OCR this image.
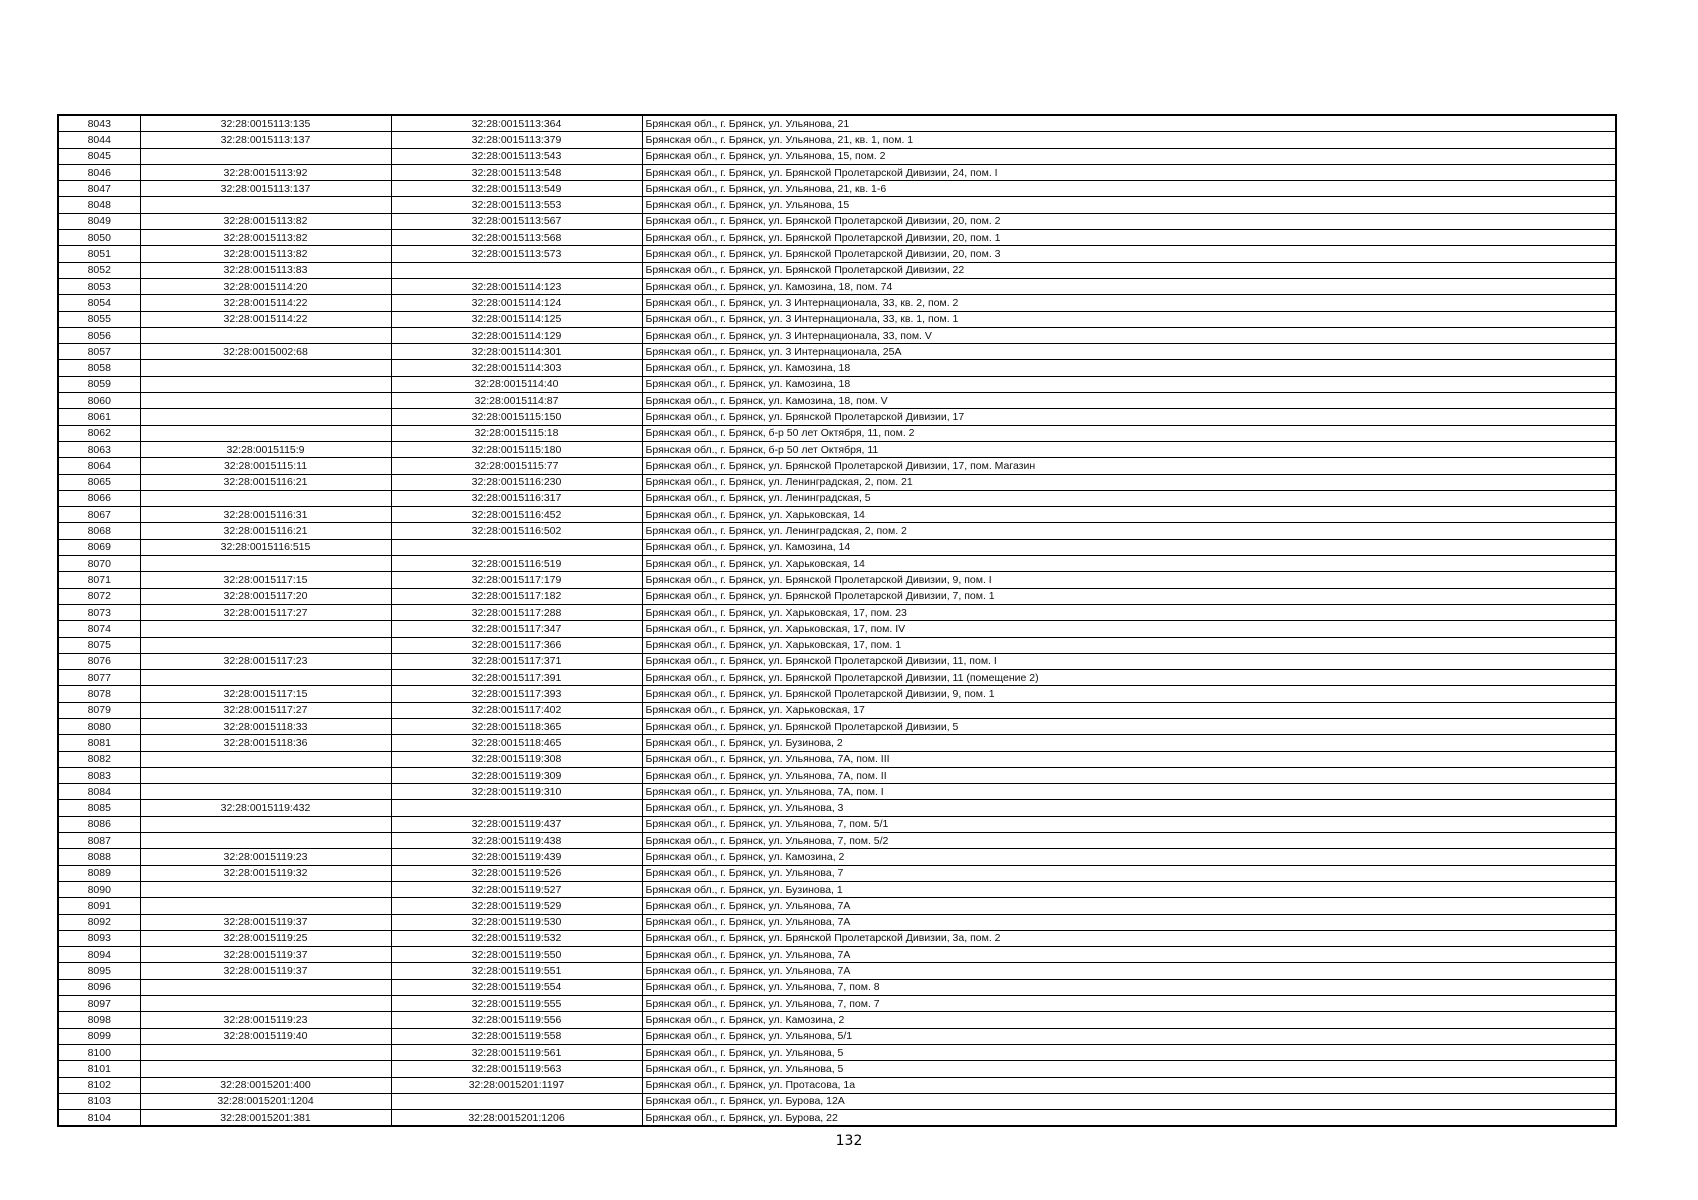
8043	32:28:0015113:135	32:28:0015113:364	Брянская обл., г. Брянск, ул. Ульянова, 21
8044	32:28:0015113:137	32:28:0015113:379	Брянская обл., г. Брянск, ул. Ульянова, 21, кв. 1, пом. 1
8045		32:28:0015113:543	Брянская обл., г. Брянск, ул. Ульянова, 15, пом. 2
8046	32:28:0015113:92	32:28:0015113:548	Брянская обл., г. Брянск, ул. Брянской Пролетарской Дивизии, 24, пом. I
8047	32:28:0015113:137	32:28:0015113:549	Брянская обл., г. Брянск, ул. Ульянова, 21, кв. 1-6
8048		32:28:0015113:553	Брянская обл., г. Брянск, ул. Ульянова, 15
8049	32:28:0015113:82	32:28:0015113:567	Брянская обл., г. Брянск, ул. Брянской Пролетарской Дивизии, 20, пом. 2
8050	32:28:0015113:82	32:28:0015113:568	Брянская обл., г. Брянск, ул. Брянской Пролетарской Дивизии, 20, пом. 1
8051	32:28:0015113:82	32:28:0015113:573	Брянская обл., г. Брянск, ул. Брянской Пролетарской Дивизии, 20, пом. 3
8052	32:28:0015113:83		Брянская обл., г. Брянск, ул. Брянской Пролетарской Дивизии, 22
8053	32:28:0015114:20	32:28:0015114:123	Брянская обл., г. Брянск, ул. Камозина, 18, пом. 74
8054	32:28:0015114:22	32:28:0015114:124	Брянская обл., г. Брянск, ул. 3 Интернационала, 33, кв. 2, пом. 2
8055	32:28:0015114:22	32:28:0015114:125	Брянская обл., г. Брянск, ул. 3 Интернационала, 33, кв. 1, пом. 1
8056		32:28:0015114:129	Брянская обл., г. Брянск, ул. 3 Интернационала, 33, пом. V
8057	32:28:0015002:68	32:28:0015114:301	Брянская обл., г. Брянск, ул. 3 Интернационала, 25А
8058		32:28:0015114:303	Брянская обл., г. Брянск, ул. Камозина, 18
8059		32:28:0015114:40	Брянская обл., г. Брянск, ул. Камозина, 18
8060		32:28:0015114:87	Брянская обл., г. Брянск, ул. Камозина, 18, пом. V
8061		32:28:0015115:150	Брянская обл., г. Брянск, ул. Брянской Пролетарской Дивизии, 17
8062		32:28:0015115:18	Брянская обл., г. Брянск, б-р 50 лет Октября, 11, пом. 2
8063	32:28:0015115:9	32:28:0015115:180	Брянская обл., г. Брянск, б-р 50 лет Октября, 11
8064	32:28:0015115:11	32:28:0015115:77	Брянская обл., г. Брянск, ул. Брянской Пролетарской Дивизии, 17, пом. Магазин
8065	32:28:0015116:21	32:28:0015116:230	Брянская обл., г. Брянск, ул. Ленинградская, 2, пом. 21
8066		32:28:0015116:317	Брянская обл., г. Брянск, ул. Ленинградская, 5
8067	32:28:0015116:31	32:28:0015116:452	Брянская обл., г. Брянск, ул. Харьковская, 14
8068	32:28:0015116:21	32:28:0015116:502	Брянская обл., г. Брянск, ул. Ленинградская, 2, пом. 2
8069	32:28:0015116:515		Брянская обл., г. Брянск, ул. Камозина, 14
8070		32:28:0015116:519	Брянская обл., г. Брянск, ул. Харьковская, 14
8071	32:28:0015117:15	32:28:0015117:179	Брянская обл., г. Брянск, ул. Брянской Пролетарской Дивизии, 9, пом. I
8072	32:28:0015117:20	32:28:0015117:182	Брянская обл., г. Брянск, ул. Брянской Пролетарской Дивизии, 7, пом. 1
8073	32:28:0015117:27	32:28:0015117:288	Брянская обл., г. Брянск, ул. Харьковская, 17, пом. 23
8074		32:28:0015117:347	Брянская обл., г. Брянск, ул. Харьковская, 17, пом. IV
8075		32:28:0015117:366	Брянская обл., г. Брянск, ул. Харьковская, 17, пом. 1
8076	32:28:0015117:23	32:28:0015117:371	Брянская обл., г. Брянск, ул. Брянской Пролетарской Дивизии, 11, пом. I
8077		32:28:0015117:391	Брянская обл., г. Брянск, ул. Брянской Пролетарской Дивизии, 11 (помещение 2)
8078	32:28:0015117:15	32:28:0015117:393	Брянская обл., г. Брянск, ул. Брянской Пролетарской Дивизии, 9, пом. 1
8079	32:28:0015117:27	32:28:0015117:402	Брянская обл., г. Брянск, ул. Харьковская, 17
8080	32:28:0015118:33	32:28:0015118:365	Брянская обл., г. Брянск, ул. Брянской Пролетарской Дивизии, 5
8081	32:28:0015118:36	32:28:0015118:465	Брянская обл., г. Брянск, ул. Бузинова, 2
8082		32:28:0015119:308	Брянская обл., г. Брянск, ул. Ульянова, 7А, пом. III
8083		32:28:0015119:309	Брянская обл., г. Брянск, ул. Ульянова, 7А, пом. II
8084		32:28:0015119:310	Брянская обл., г. Брянск, ул. Ульянова, 7А, пом. I
8085	32:28:0015119:432		Брянская обл., г. Брянск, ул. Ульянова, 3
8086		32:28:0015119:437	Брянская обл., г. Брянск, ул. Ульянова, 7, пом. 5/1
8087		32:28:0015119:438	Брянская обл., г. Брянск, ул. Ульянова, 7, пом. 5/2
8088	32:28:0015119:23	32:28:0015119:439	Брянская обл., г. Брянск, ул. Камозина, 2
8089	32:28:0015119:32	32:28:0015119:526	Брянская обл., г. Брянск, ул. Ульянова, 7
8090		32:28:0015119:527	Брянская обл., г. Брянск, ул. Бузинова, 1
8091		32:28:0015119:529	Брянская обл., г. Брянск, ул. Ульянова, 7А
8092	32:28:0015119:37	32:28:0015119:530	Брянская обл., г. Брянск, ул. Ульянова, 7А
8093	32:28:0015119:25	32:28:0015119:532	Брянская обл., г. Брянск, ул. Брянской Пролетарской Дивизии, 3а, пом. 2
8094	32:28:0015119:37	32:28:0015119:550	Брянская обл., г. Брянск, ул. Ульянова, 7А
8095	32:28:0015119:37	32:28:0015119:551	Брянская обл., г. Брянск, ул. Ульянова, 7А
8096		32:28:0015119:554	Брянская обл., г. Брянск, ул. Ульянова, 7, пом. 8
8097		32:28:0015119:555	Брянская обл., г. Брянск, ул. Ульянова, 7, пом. 7
8098	32:28:0015119:23	32:28:0015119:556	Брянская обл., г. Брянск, ул. Камозина, 2
8099	32:28:0015119:40	32:28:0015119:558	Брянская обл., г. Брянск, ул. Ульянова, 5/1
8100		32:28:0015119:561	Брянская обл., г. Брянск, ул. Ульянова, 5
8101		32:28:0015119:563	Брянская обл., г. Брянск, ул. Ульянова, 5
8102	32:28:0015201:400	32:28:0015201:1197	Брянская обл., г. Брянск, ул. Протасова, 1а
8103	32:28:0015201:1204		Брянская обл., г. Брянск, ул. Бурова, 12А
8104	32:28:0015201:381	32:28:0015201:1206	Брянская обл., г. Брянск, ул. Бурова, 22
132
